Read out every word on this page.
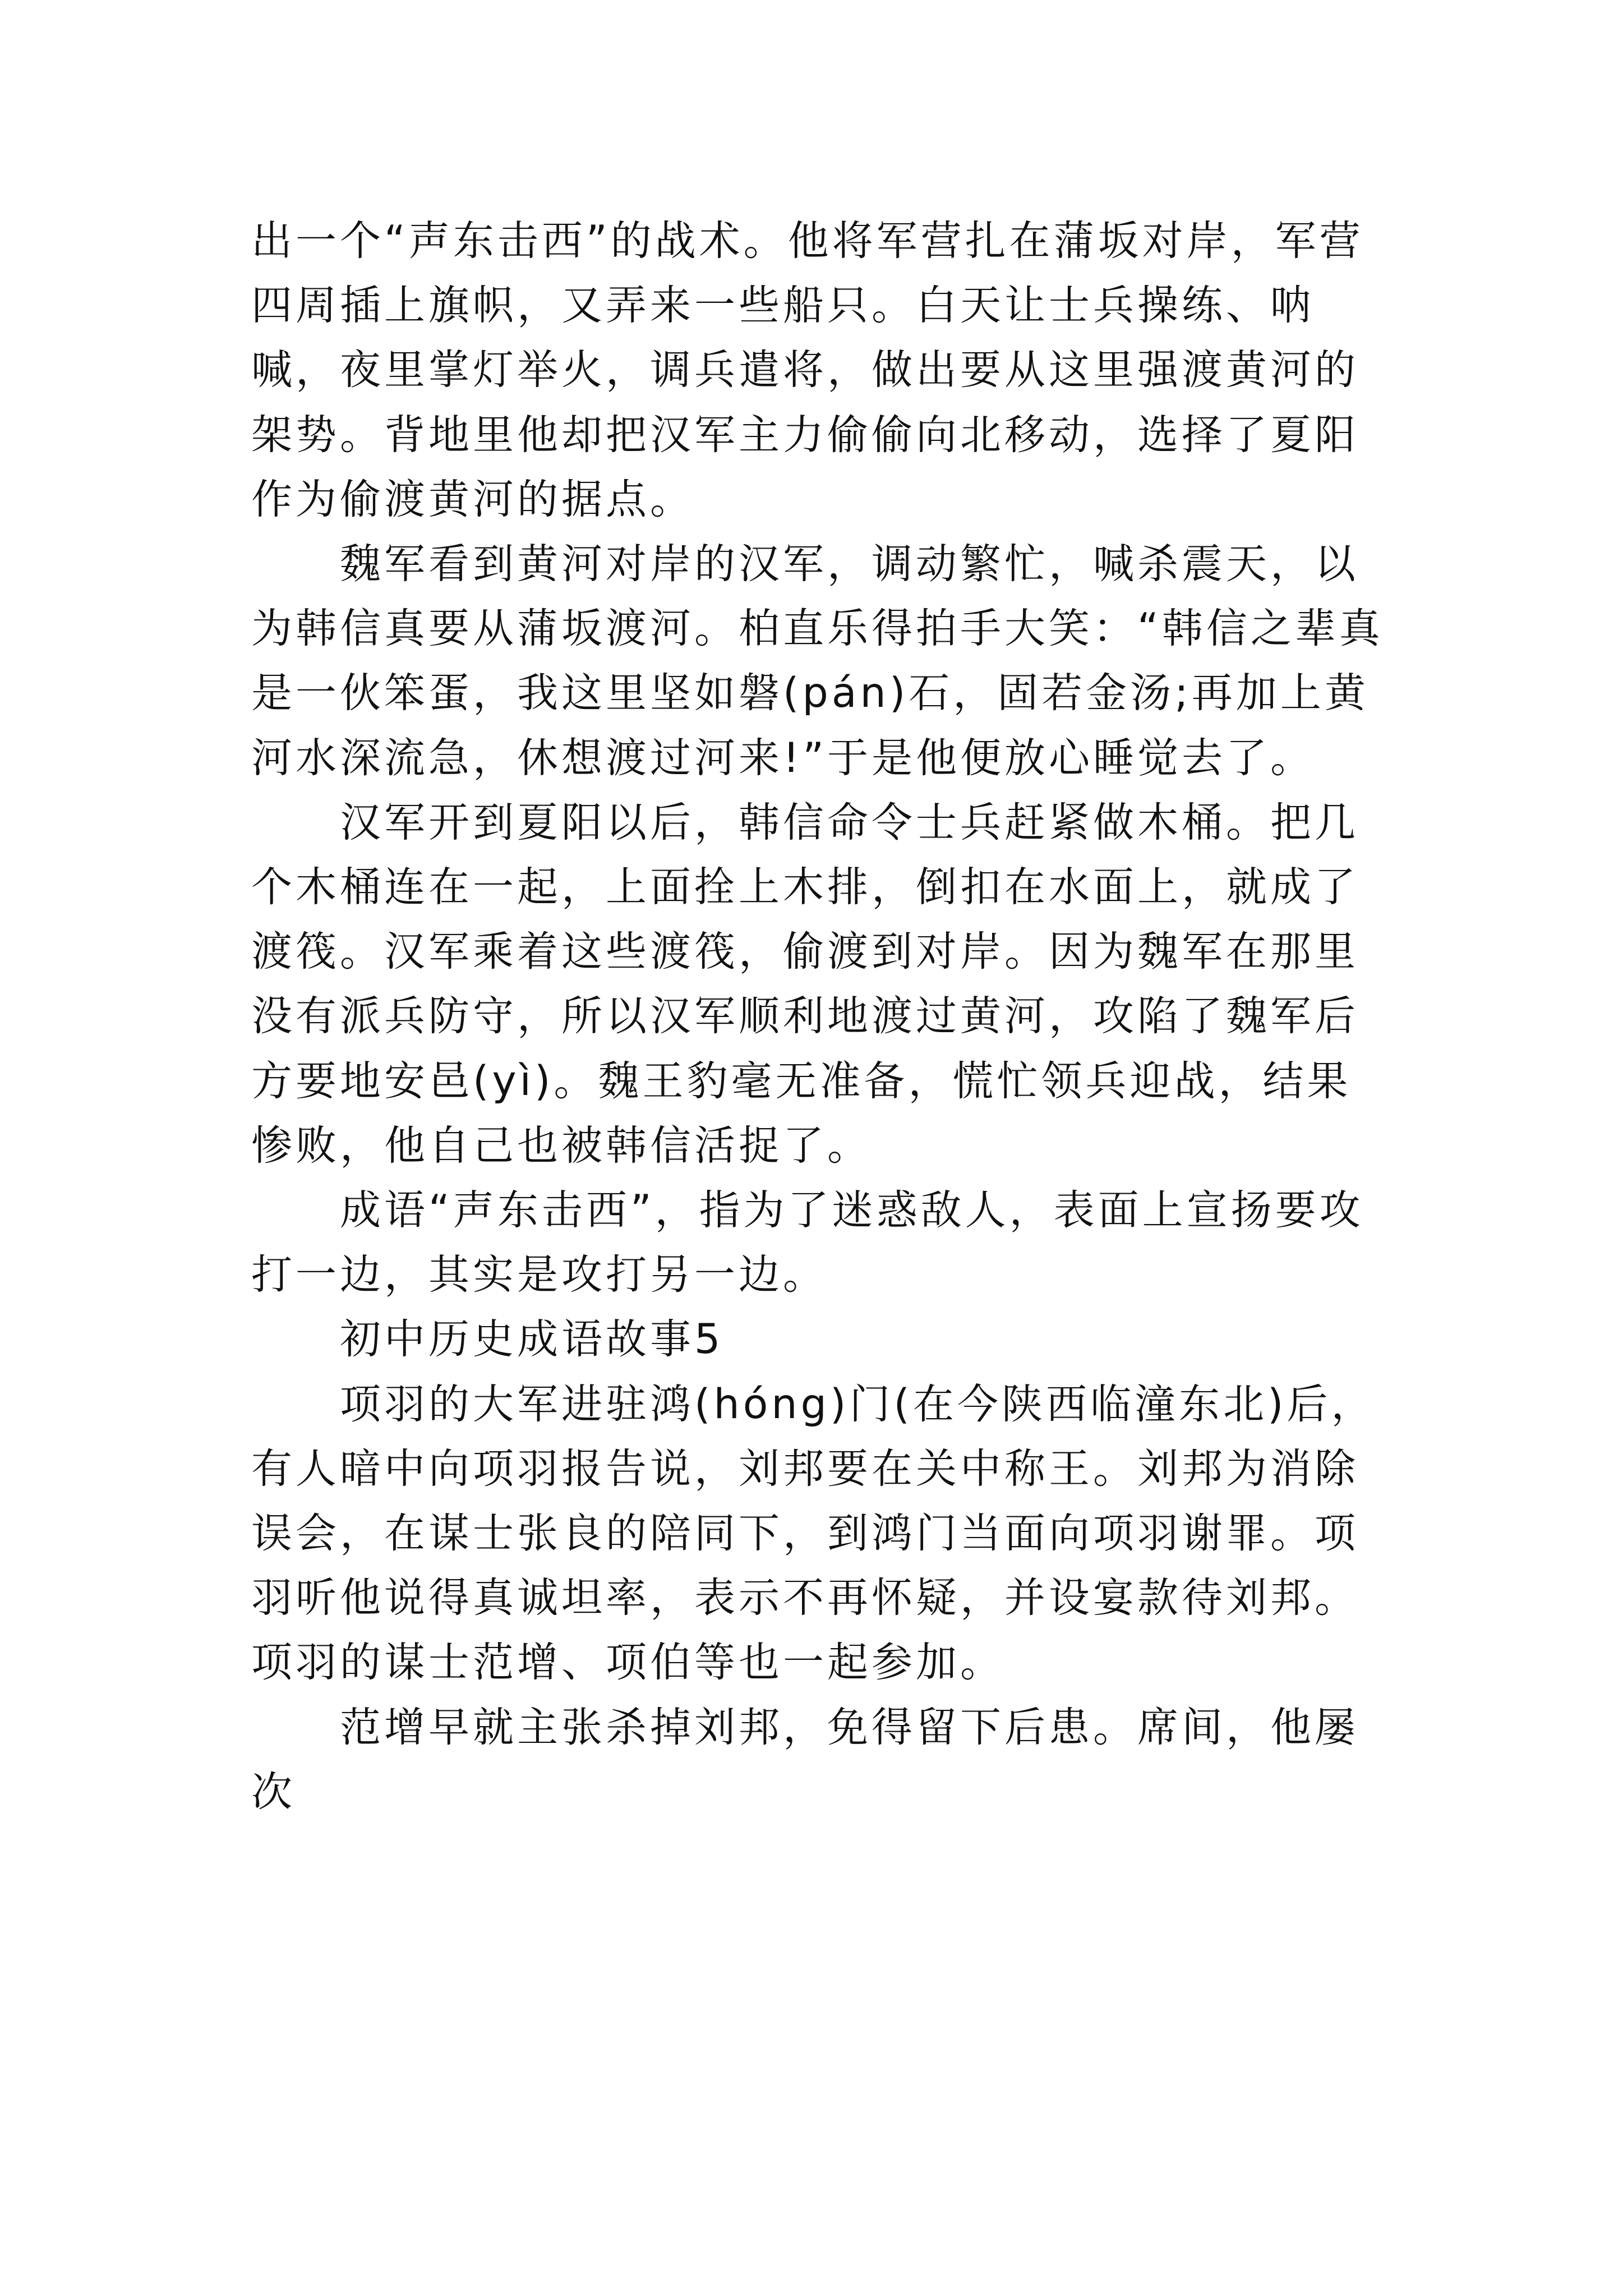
出一个“声东击西”的战术。他将军营扎在蒲坂对岸，军营四周插上旗帜，又弄来一些船只。白天让士兵操练、呐喊，夜里掌灯举火，调兵遣将，做出要从这里强渡黄河的架势。背地里他却把汉军主力偷偷向北移动，选择了夏阳作为偷渡黄河的据点。

魏军看到黄河对岸的汉军，调动繁忙，喊杀震天，以为韩信真要从蒲坂渡河。柏直乐得拍手大笑：“韩信之辈真是一伙笨蛋，我这里坚如磐(pán)石，固若金汤;再加上黄河水深流急，休想渡过河来!”于是他便放心睡觉去了。

汉军开到夏阳以后，韩信命令士兵赶紧做木桶。把几个木桶连在一起，上面拴上木排，倒扣在水面上，就成了渡筏。汉军乘着这些渡筏，偷渡到对岸。因为魏军在那里没有派兵防守，所以汉军顺利地渡过黄河，攻陷了魏军后方要地安邑(yì)。魏王豹毫无准备，慌忙领兵迎战，结果惨败，他自己也被韩信活捉了。

成语“声东击西”，指为了迷惑敌人，表面上宣扬要攻打一边，其实是攻打另一边。

初中历史成语故事5

项羽的大军进驻鸿(hóng)门(在今陕西临潼东北)后，有人暗中向项羽报告说，刘邦要在关中称王。刘邦为消除误会，在谋士张良的陪同下，到鸿门当面向项羽谢罪。项羽听他说得真诚坦率，表示不再怀疑，并设宴款待刘邦。项羽的谋士范增、项伯等也一起参加。

范增早就主张杀掉刘邦，免得留下后患。席间，他屡次
